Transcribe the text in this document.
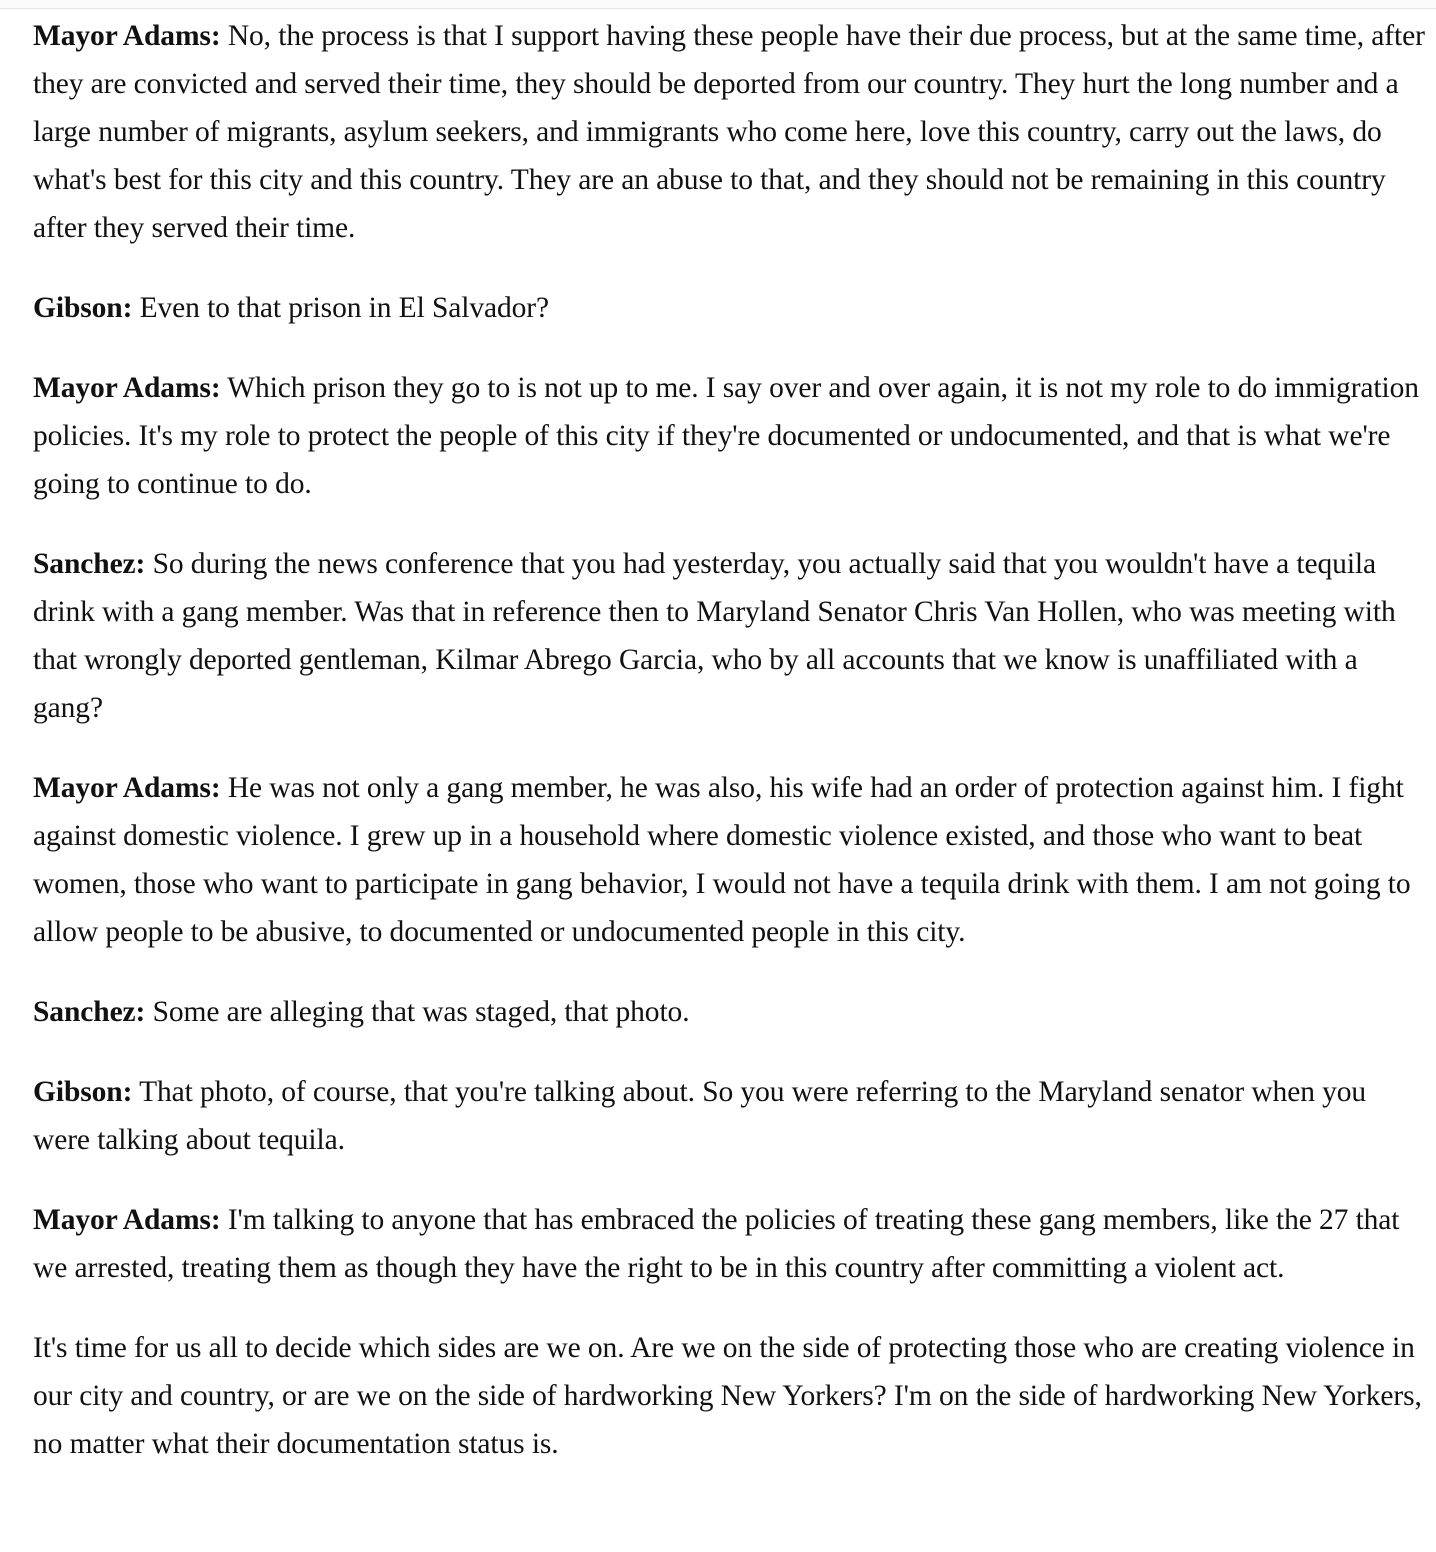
Mayor Adams: No, the process is that I support having these people have their due process, but at the same time, after they are convicted and served their time, they should be deported from our country. They hurt the long number and a large number of migrants, asylum seekers, and immigrants who come here, love this country, carry out the laws, do what's best for this city and this country. They are an abuse to that, and they should not be remaining in this country after they served their time.

Gibson: Even to that prison in El Salvador?

Mayor Adams: Which prison they go to is not up to me. I say over and over again, it is not my role to do immigration policies. It's my role to protect the people of this city if they're documented or undocumented, and that is what we're going to continue to do.

Sanchez: So during the news conference that you had yesterday, you actually said that you wouldn't have a tequila drink with a gang member. Was that in reference then to Maryland Senator Chris Van Hollen, who was meeting with that wrongly deported gentleman, Kilmar Abrego Garcia, who by all accounts that we know is unaffiliated with a gang?

Mayor Adams: He was not only a gang member, he was also, his wife had an order of protection against him. I fight against domestic violence. I grew up in a household where domestic violence existed, and those who want to beat women, those who want to participate in gang behavior, I would not have a tequila drink with them. I am not going to allow people to be abusive, to documented or undocumented people in this city.

Sanchez: Some are alleging that was staged, that photo.

Gibson: That photo, of course, that you're talking about. So you were referring to the Maryland senator when you were talking about tequila.

Mayor Adams: I'm talking to anyone that has embraced the policies of treating these gang members, like the 27 that we arrested, treating them as though they have the right to be in this country after committing a violent act.

It's time for us all to decide which sides are we on. Are we on the side of protecting those who are creating violence in our city and country, or are we on the side of hardworking New Yorkers? I'm on the side of hardworking New Yorkers, no matter what their documentation status is.
